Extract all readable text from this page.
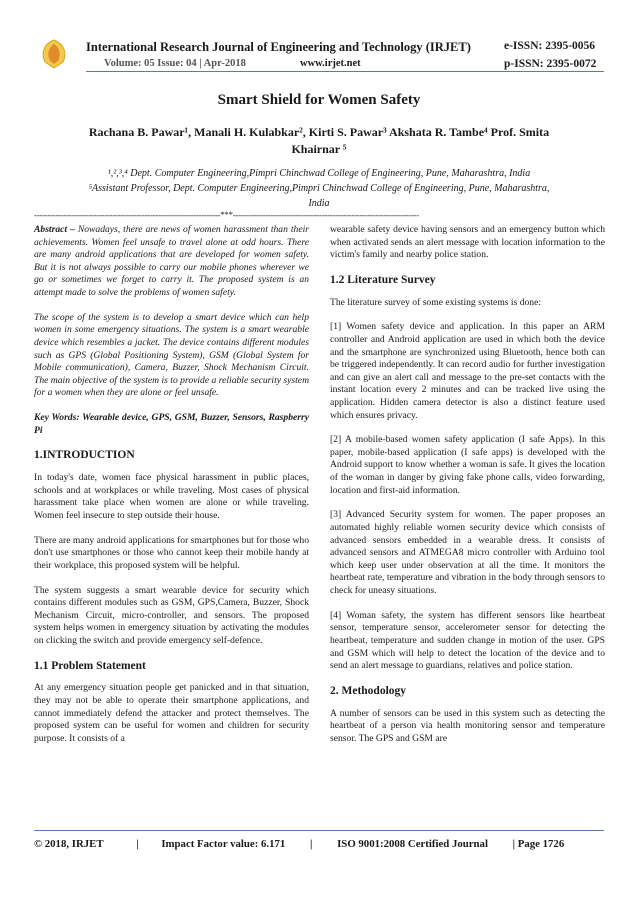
International Research Journal of Engineering and Technology (IRJET)	e-ISSN: 2395-0056
Volume: 05 Issue: 04 | Apr-2018	www.irjet.net	p-ISSN: 2395-0072
Smart Shield for Women Safety
Rachana B. Pawar¹, Manali H. Kulabkar², Kirti S. Pawar³ Akshata R. Tambe⁴ Prof. Smita
Khairnar ⁵
¹,²,³,⁴ Dept. Computer Engineering,Pimpri Chinchwad College of Engineering, Pune, Maharashtra, India
⁵Assistant Professor, Dept. Computer Engineering,Pimpri Chinchwad College of Engineering, Pune, Maharashtra,
India
---------------------------------------------------------------------***---------------------------------------------------------------------

Abstract – Nowadays, there are news of women harassment than their achievements. Women feel unsafe to travel alone at odd hours. There are many android applications that are developed for women safety. But it is not always possible to carry our mobile phones wherever we go or sometimes we forget to carry it. The proposed system is an attempt made to solve the problems of women safety.

The scope of the system is to develop a smart device which can help women in some emergency situations. The system is a smart wearable device which resembles a jacket. The device contains different modules such as GPS (Global Positioning System), GSM (Global System for Mobile communication), Camera, Buzzer, Shock Mechanism Circuit. The main objective of the system is to provide a reliable security system for a women when they are alone or feel unsafe.

Key Words: Wearable device, GPS, GSM, Buzzer, Sensors, Raspberry Pi

1.INTRODUCTION

In today's date, women face physical harassment in public places, schools and at workplaces or while traveling. Most cases of physical harassment take place when women are alone or while traveling. Women feel insecure to step outside their house.

There are many android applications for smartphones but for those who don't use smartphones or those who cannot keep their mobile handy at their workplace, this proposed system will be helpful.

The system suggests a smart wearable device for security which contains different modules such as GSM, GPS,Camera, Buzzer, Shock Mechanism Circuit, micro-controller, and sensors. The proposed system helps women in emergency situation by activating the modules on clicking the switch and provide emergency self-defence.

1.1 Problem Statement

At any emergency situation people get panicked and in that situation, they may not be able to operate their smartphone applications, and cannot immediately defend the attacker and protect themselves. The proposed system can be useful for women and children for security purpose. It consists of a

wearable safety device having sensors and an emergency button which when activated sends an alert message with location information to the victim's family and nearby police station.

1.2 Literature Survey

The literature survey of some existing systems is done:

[1] Women safety device and application. In this paper an ARM controller and Android application are used in which both the device and the smartphone are synchronized using Bluetooth, hence both can be triggered independently. It can record audio for further investigation and can give an alert call and message to the pre-set contacts with the instant location every 2 minutes and can be tracked live using the application. Hidden camera detector is also a distinct feature used which ensures privacy.

[2] A mobile-based women safety application (I safe Apps). In this paper, mobile-based application (I safe apps) is developed with the Android support to know whether a woman is safe. It gives the location of the woman in danger by giving fake phone calls, video forwarding, location and first-aid information.

[3] Advanced Security system for women. The paper proposes an automated highly reliable women security device which consists of advanced sensors embedded in a wearable dress. It consists of advanced sensors and ATMEGA8 micro controller with Arduino tool which keep user under observation at all the time. It monitors the heartbeat rate, temperature and vibration in the body through sensors to check for uneasy situations.

[4] Woman safety, the system has different sensors like heartbeat sensor, temperature sensor, accelerometer sensor for detecting the heartbeat, temperature and sudden change in motion of the user. GPS and GSM which will help to detect the location of the device and to send an alert message to guardians, relatives and police station.

2. Methodology

A number of sensors can be used in this system such as detecting the heartbeat of a person via health monitoring sensor and temperature sensor. The GPS and GSM are

© 2018, IRJET	| Impact Factor value: 6.171 | ISO 9001:2008 Certified Journal | Page 1726
